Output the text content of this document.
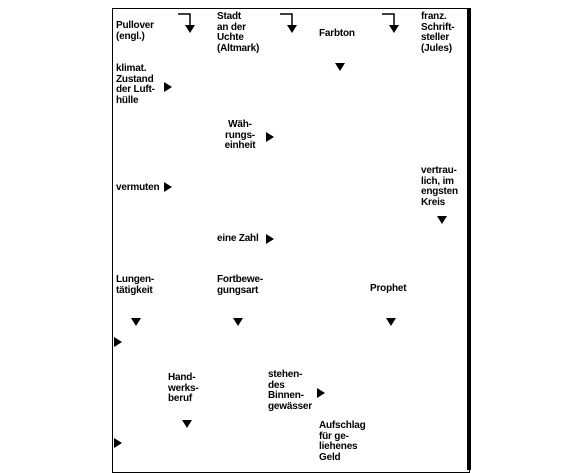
Pullover
(engl.)
Stadt
an der
Uchte
(Altmark)
Farbton
franz.
Schrift-
steller
(Jules)
klimat.
Zustand
der Luft-
hülle
Wäh-
rungs-
einheit
vermuten
vertrau-
lich, im
engsten
Kreis
eine Zahl
Lungen-
tätigkeit
Fortbewe-
gungsart	Prophet
Hand-
werks-
beruf
stehen-
des
Binnen-
gewässer
Aufschlag
für ge-
liehenes
Geld
